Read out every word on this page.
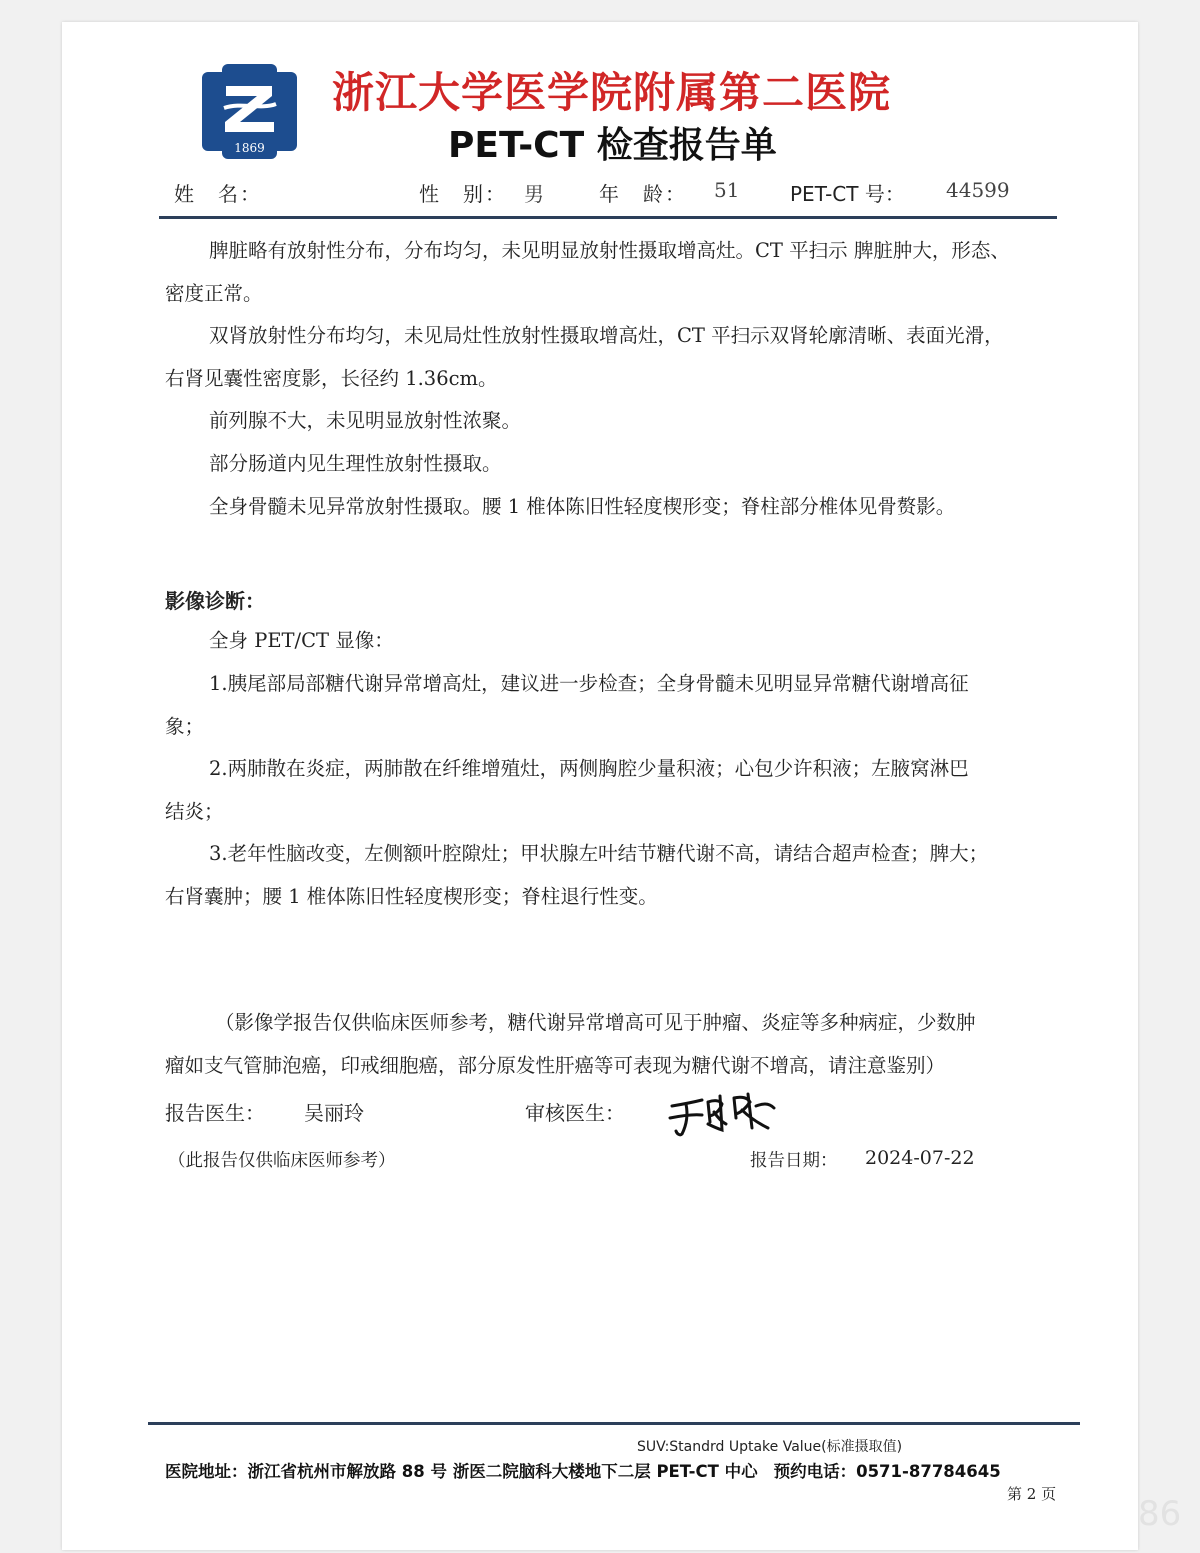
1869
浙江大学医学院附属第二医院
PET-CT 检查报告单
姓　名：	性　别： 男	年　龄： 51	PET-CT 号： 44599
脾脏略有放射性分布，分布均匀，未见明显放射性摄取增高灶。CT 平扫示 脾脏肿大，形态、
密度正常。
双肾放射性分布均匀，未见局灶性放射性摄取增高灶，CT 平扫示双肾轮廓清晰、表面光滑，
右肾见囊性密度影，长径约 1.36cm。
前列腺不大，未见明显放射性浓聚。
部分肠道内见生理性放射性摄取。
全身骨髓未见异常放射性摄取。腰 1 椎体陈旧性轻度楔形变；脊柱部分椎体见骨赘影。
影像诊断：
全身 PET/CT 显像：
1.胰尾部局部糖代谢异常增高灶，建议进一步检查；全身骨髓未见明显异常糖代谢增高征
象；
2.两肺散在炎症，两肺散在纤维增殖灶，两侧胸腔少量积液；心包少许积液；左腋窝淋巴
结炎；
3.老年性脑改变，左侧额叶腔隙灶；甲状腺左叶结节糖代谢不高，请结合超声检查；脾大；
右肾囊肿；腰 1 椎体陈旧性轻度楔形变；脊柱退行性变。
（影像学报告仅供临床医师参考，糖代谢异常增高可见于肿瘤、炎症等多种病症，少数肿
瘤如支气管肺泡癌，印戒细胞癌，部分原发性肝癌等可表现为糖代谢不增高，请注意鉴别）
报告医生： 吴丽玲	审核医生：
（此报告仅供临床医师参考）	报告日期： 2024-07-22
SUV:Standrd Uptake Value(标准摄取值)
医院地址：浙江省杭州市解放路 88 号 浙医二院脑科大楼地下二层 PET-CT 中心 预约电话：0571-87784645
第 2 页 86
